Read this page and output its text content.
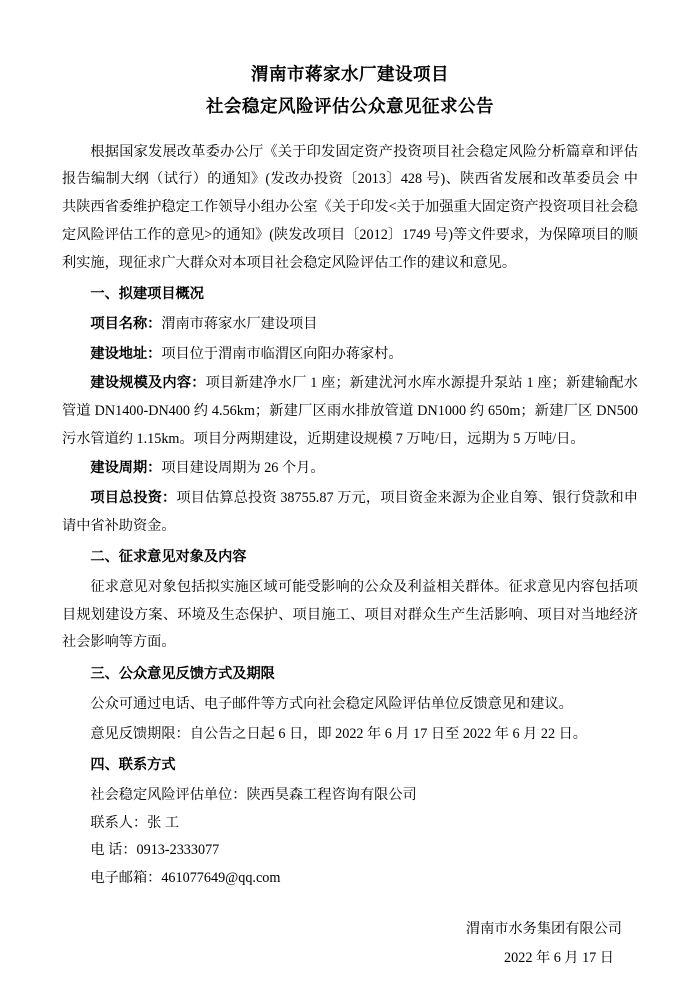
渭南市蒋家水厂建设项目
社会稳定风险评估公众意见征求公告

根据国家发展改革委办公厅《关于印发固定资产投资项目社会稳定风险分析篇章和评估报告编制大纲（试行）的通知》(发改办投资〔2013〕428 号)、陕西省发展和改革委员会 中共陕西省委维护稳定工作领导小组办公室《关于印发<关于加强重大固定资产投资项目社会稳定风险评估工作的意见>的通知》(陕发改项目〔2012〕1749 号)等文件要求，为保障项目的顺利实施，现征求广大群众对本项目社会稳定风险评估工作的建议和意见。

一、拟建项目概况

项目名称：渭南市蒋家水厂建设项目

建设地址：项目位于渭南市临渭区向阳办蒋家村。

建设规模及内容：项目新建净水厂 1 座；新建沋河水库水源提升泵站 1 座；新建输配水管道 DN1400-DN400 约 4.56km；新建厂区雨水排放管道 DN1000 约 650m；新建厂区 DN500 污水管道约 1.15km。项目分两期建设，近期建设规模 7 万吨/日，远期为 5 万吨/日。

建设周期：项目建设周期为 26 个月。

项目总投资：项目估算总投资 38755.87 万元，项目资金来源为企业自筹、银行贷款和申请中省补助资金。

二、征求意见对象及内容

征求意见对象包括拟实施区域可能受影响的公众及利益相关群体。征求意见内容包括项目规划建设方案、环境及生态保护、项目施工、项目对群众生产生活影响、项目对当地经济社会影响等方面。

三、公众意见反馈方式及期限

公众可通过电话、电子邮件等方式向社会稳定风险评估单位反馈意见和建议。

意见反馈期限：自公告之日起 6 日，即 2022 年 6 月 17 日至 2022 年 6 月 22 日。

四、联系方式

社会稳定风险评估单位：陕西昊森工程咨询有限公司

联系人：张 工

电 话：0913-2333077

电子邮箱：461077649@qq.com

渭南市水务集团有限公司
2022 年 6 月 17 日
